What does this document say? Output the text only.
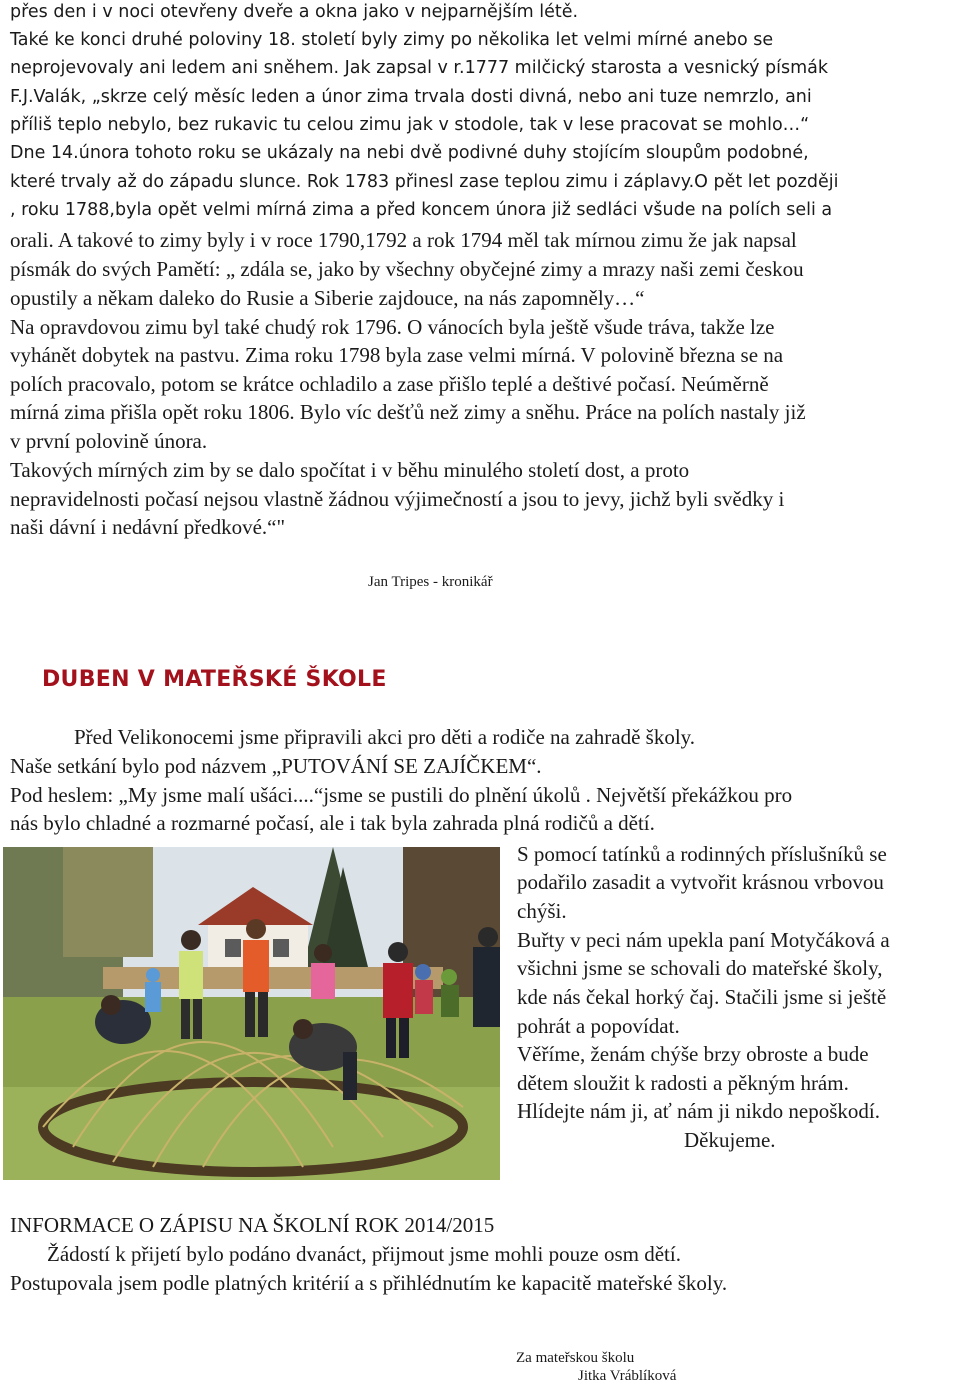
přes den i v noci otevřeny dveře a okna jako v nejparnějším létě.
Také ke konci druhé poloviny 18. století byly zimy po několika let velmi mírné anebo se
neprojevovaly ani ledem ani sněhem. Jak zapsal v r.1777 milčický starosta a vesnický písmák
F.J.Valák, „skrze celý měsíc leden a únor zima trvala dosti divná, nebo ani tuze nemrzlo, ani
příliš teplo nebylo, bez rukavic tu celou zimu jak v stodole, tak v lese pracovat se mohlo…“
Dne 14.února tohoto roku se ukázaly na nebi dvě podivné duhy stojícím sloupům podobné,
které trvaly až do západu slunce. Rok 1783 přinesl zase teplou zimu i záplavy.O pět let později
, roku 1788,byla opět velmi mírná zima a před koncem února již sedláci všude na polích seli a
orali. A takové to zimy byly i v roce 1790,1792 a rok 1794 měl tak mírnou zimu že jak napsal
písmák do svých Pamětí: „ zdála se, jako by všechny obyčejné zimy a mrazy naši zemi českou
opustily a někam daleko do Rusie a Siberie zajdouce, na nás zapomněly…“
Na opravdovou zimu byl také chudý rok 1796. O vánocích byla ještě všude tráva, takže lze
vyhánět dobytek na pastvu. Zima roku 1798 byla zase velmi mírná. V polovině března se na
polích pracovalo, potom se krátce ochladilo a zase přišlo teplé a deštivé počasí. Neúměrně
mírná zima přišla opět roku 1806. Bylo víc dešťů než zimy a sněhu. Práce na polích nastaly již
v první polovině února.
Takových mírných zim by se dalo spočítat i v běhu minulého století dost, a proto
nepravidelnosti počasí nejsou vlastně žádnou výjimečností a jsou to jevy, jichž byli svědky i
naši dávní i nedávní předkové.“"
Jan Tripes - kronikář
DUBEN V MATEŘSKÉ ŠKOLE
Před Velikonocemi jsme připravili akci pro děti a rodiče na zahradě školy.
Naše setkání bylo pod názvem „PUTOVÁNÍ SE ZAJÍČKEM“.
Pod heslem: „My jsme malí ušáci....“jsme se pustili do plnění úkolů . Největší překážkou pro
nás bylo chladné a rozmarné počasí, ale i tak byla zahrada plná rodičů a dětí.
S pomocí tatínků a rodinných příslušníků se
podařilo zasadit a vytvořit krásnou vrbovou
chýši.
Buřty v peci nám upekla paní Motyčáková a
všichni jsme se schovali do mateřské školy,
kde nás čekal horký čaj. Stačili jsme si ještě
pohrát a popovídat.
Věříme, ženám chýše brzy obroste a bude
dětem sloužit k radosti a pěkným hrám.
Hlídejte nám ji, ať nám ji nikdo nepoškodí.
Děkujeme.
INFORMACE O ZÁPISU NA ŠKOLNÍ ROK 2014/2015
Žádostí k přijetí bylo podáno dvanáct, přijmout jsme mohli pouze osm dětí.
Postupovala jsem podle platných kritérií a s přihlédnutím ke kapacitě mateřské školy.
Za mateřskou školu
Jitka Vráblíková
